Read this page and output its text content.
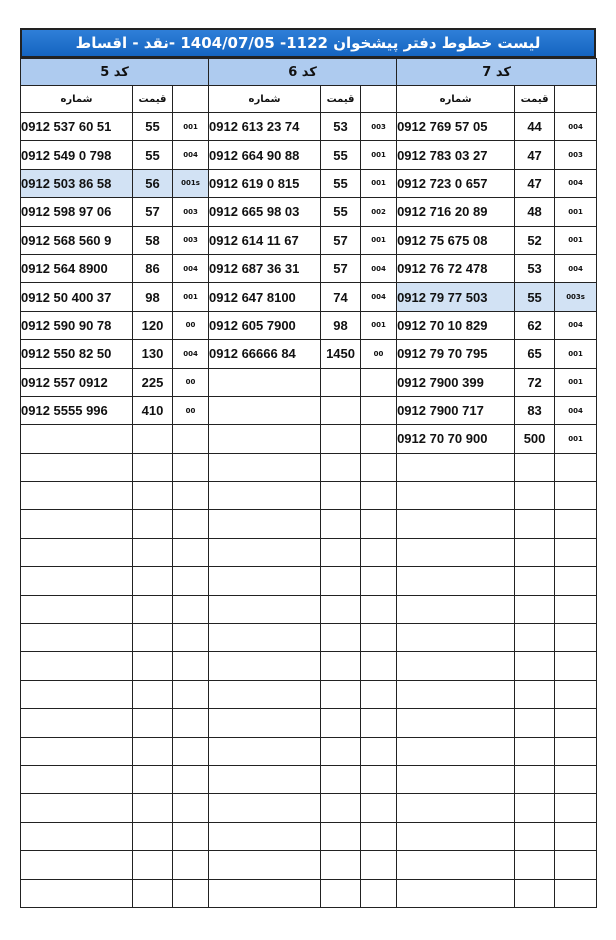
لیست خطوط دفتر پیشخوان 1122- 1404/07/05 -نقد - اقساط
کد 5			کد 6			کد 7		
شماره	قیمت		شماره	قیمت		شماره	قیمت	
0912 537 60 51	55	001	0912 613 23 74	53	003	0912 769 57 05	44	004
0912 549 0 798	55	004	0912 664 90 88	55	001	0912 783 03 27	47	003
0912 503 86 58	56	001s	0912 619 0 815	55	001	0912 723 0 657	47	004
0912 598 97 06	57	003	0912 665 98 03	55	002	0912 716 20 89	48	001
0912 568 560 9	58	003	0912 614 11 67	57	001	0912 75 675 08	52	001
0912 564 8900	86	004	0912 687 36 31	57	004	0912 76 72 478	53	004
0912 50 400 37	98	001	0912 647 8100	74	004	0912 79 77 503	55	003s
0912 590 90 78	120	00	0912 605 7900	98	001	0912 70 10 829	62	004
0912 550 82 50	130	004	0912 66666 84	1450	00	0912 79 70 795	65	001
0912 557 0912	225	00				0912 7900 399	72	001
0912 5555 996	410	00				0912 7900 717	83	004
						0912 70 70 900	500	001
